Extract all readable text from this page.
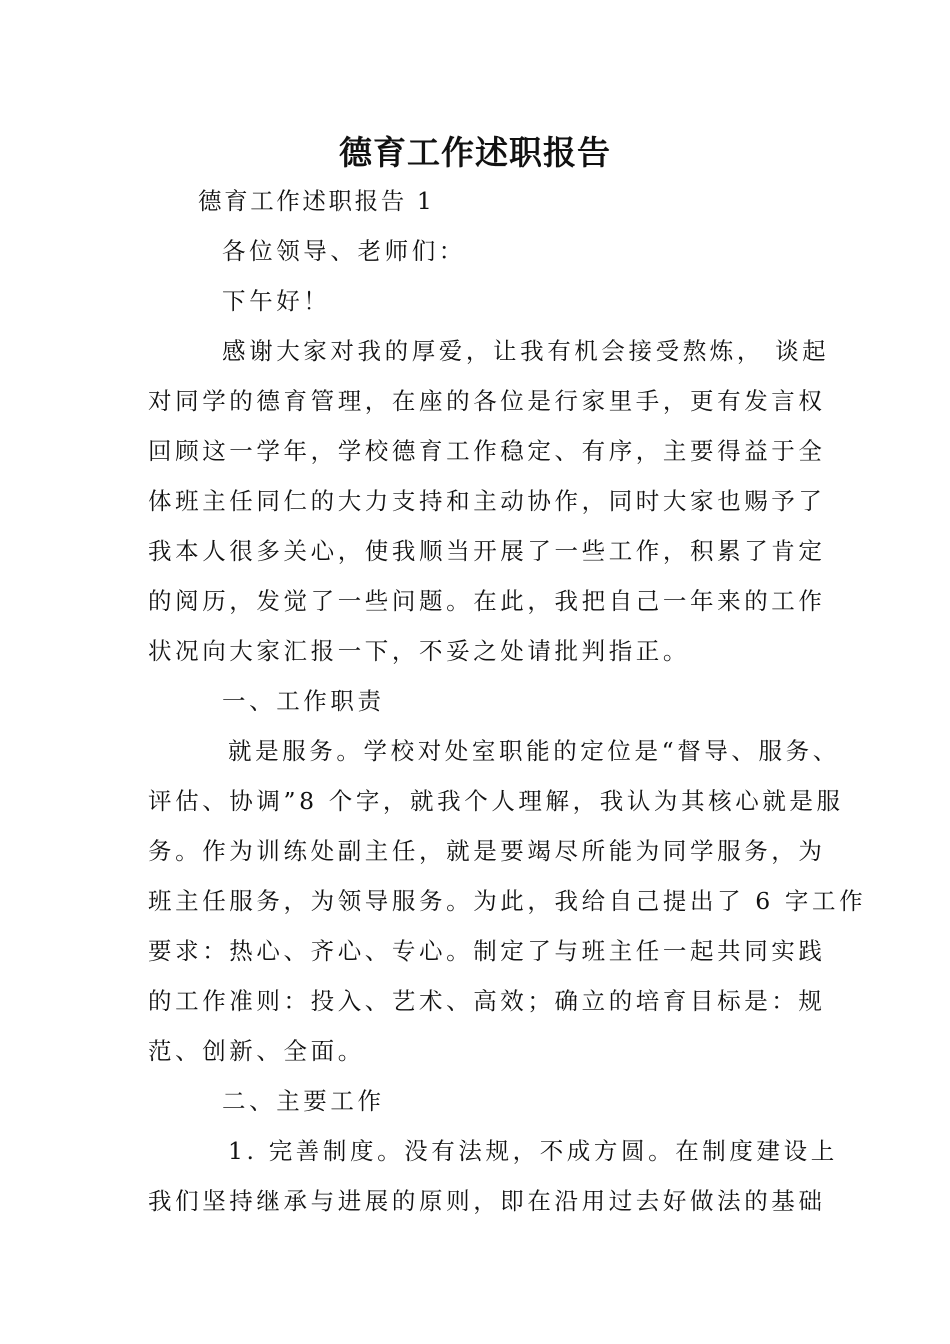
德育工作述职报告
德育工作述职报告 1
各位领导、老师们：
下午好！
感谢大家对我的厚爱，让我有机会接受熬炼， 谈起
对同学的德育管理，在座的各位是行家里手，更有发言权
回顾这一学年，学校德育工作稳定、有序，主要得益于全
体班主任同仁的大力支持和主动协作，同时大家也赐予了
我本人很多关心，使我顺当开展了一些工作，积累了肯定
的阅历，发觉了一些问题。在此，我把自己一年来的工作
状况向大家汇报一下，不妥之处请批判指正。
一、工作职责
就是服务。学校对处室职能的定位是“督导、服务、
评估、协调”8 个字，就我个人理解，我认为其核心就是服
务。作为训练处副主任，就是要竭尽所能为同学服务，为
班主任服务，为领导服务。为此，我给自己提出了 6 字工作
要求：热心、齐心、专心。制定了与班主任一起共同实践
的工作准则：投入、艺术、高效；确立的培育目标是：规
范、创新、全面。
二、主要工作
1. 完善制度。没有法规，不成方圆。在制度建设上
我们坚持继承与进展的原则，即在沿用过去好做法的基础
